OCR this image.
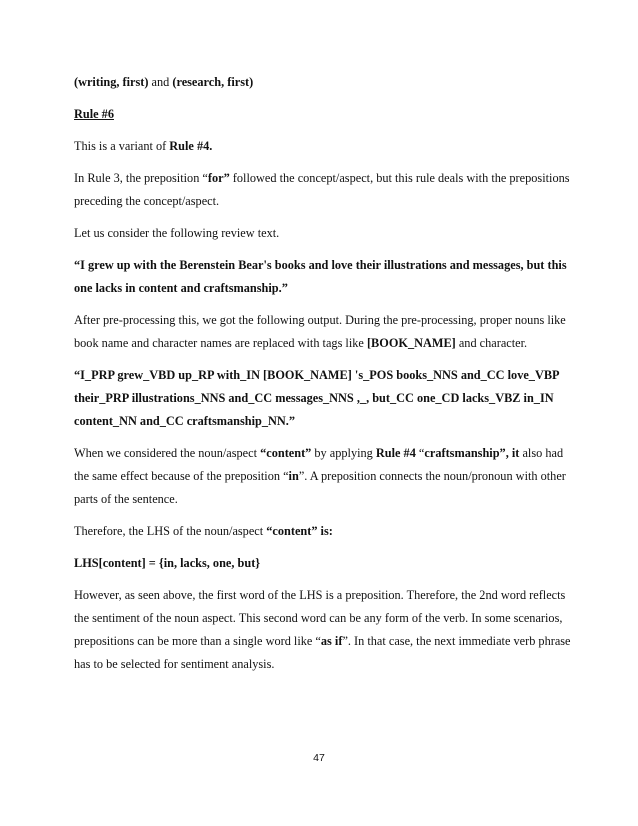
(writing, first) and (research, first)

Rule #6

This is a variant of Rule #4.

In Rule 3, the preposition “for” followed the concept/aspect, but this rule deals with the prepositions preceding the concept/aspect.

Let us consider the following review text.

“I grew up with the Berenstein Bear's books and love their illustrations and messages, but this one lacks in content and craftsmanship.”

After pre-processing this, we got the following output. During the pre-processing, proper nouns like book name and character names are replaced with tags like [BOOK_NAME] and character.

“I_PRP grew_VBD up_RP with_IN [BOOK_NAME] 's_POS books_NNS and_CC love_VBP their_PRP illustrations_NNS and_CC messages_NNS ,_, but_CC one_CD lacks_VBZ in_IN content_NN and_CC craftsmanship_NN.”

When we considered the noun/aspect “content” by applying Rule #4 “craftsmanship”, it also had the same effect because of the preposition “in”. A preposition connects the noun/pronoun with other parts of the sentence.

Therefore, the LHS of the noun/aspect “content” is:

LHS[content] = {in, lacks, one, but}

However, as seen above, the first word of the LHS is a preposition. Therefore, the 2nd word reflects the sentiment of the noun aspect. This second word can be any form of the verb. In some scenarios, prepositions can be more than a single word like “as if”. In that case, the next immediate verb phrase has to be selected for sentiment analysis.

47
